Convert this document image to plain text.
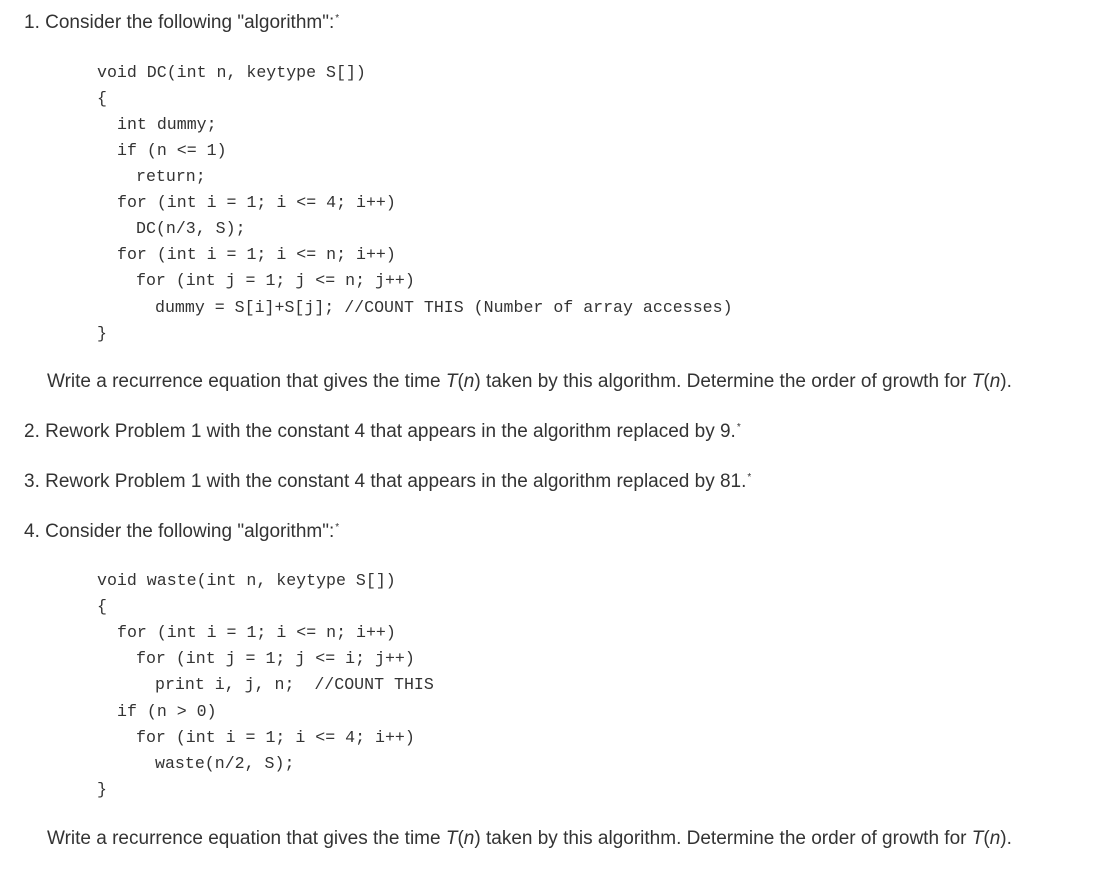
1. Consider the following "algorithm":*
void DC(int n, keytype S[])
{
int dummy;
if (n <= 1)
return;
for (int i = 1; i <= 4; i++)
DC(n/3, S);
for (int i = 1; i <= n; i++)
for (int j = 1; j <= n; j++)
dummy = S[i]+S[j]; //COUNT THIS (Number of array accesses)
}
Write a recurrence equation that gives the time T(n) taken by this algorithm. Determine the order of growth for T(n).
2. Rework Problem 1 with the constant 4 that appears in the algorithm replaced by 9.*
3. Rework Problem 1 with the constant 4 that appears in the algorithm replaced by 81.*
4. Consider the following "algorithm":*
void waste(int n, keytype S[])
{
for (int i = 1; i <= n; i++)
for (int j = 1; j <= i; j++)
print i, j, n;  //COUNT THIS
if (n > 0)
for (int i = 1; i <= 4; i++)
waste(n/2, S);
}
Write a recurrence equation that gives the time T(n) taken by this algorithm. Determine the order of growth for T(n).
